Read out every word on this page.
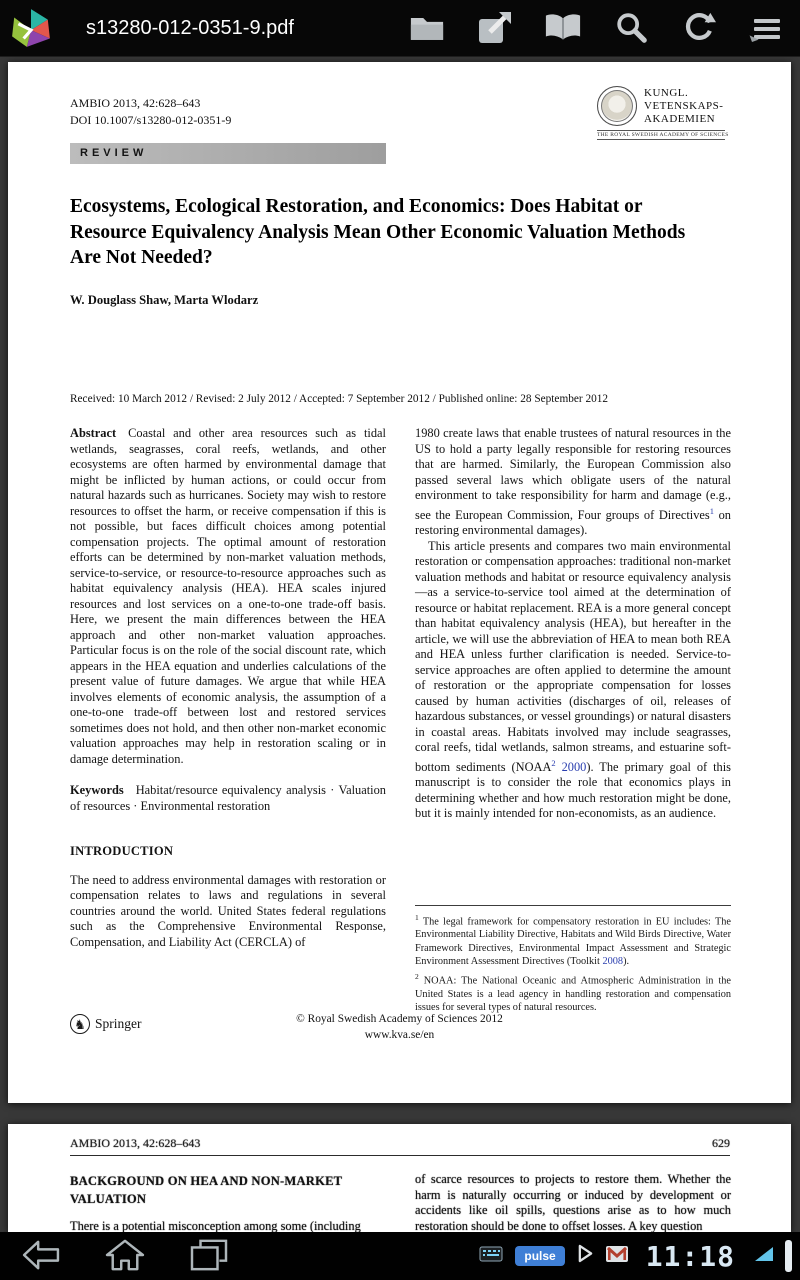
s13280-012-0351-9.pdf
AMBIO 2013, 42:628–643
DOI 10.1007/s13280-012-0351-9
KUNGL.
VETENSKAPS-
AKADEMIEN
THE ROYAL SWEDISH ACADEMY OF SCIENCES
REVIEW
Ecosystems, Ecological Restoration, and Economics: Does Habitat or Resource Equivalency Analysis Mean Other Economic Valuation Methods Are Not Needed?
W. Douglass Shaw, Marta Wlodarz
Received: 10 March 2012 / Revised: 2 July 2012 / Accepted: 7 September 2012 / Published online: 28 September 2012

Abstract Coastal and other area resources such as tidal wetlands, seagrasses, coral reefs, wetlands, and other ecosystems are often harmed by environmental damage that might be inflicted by human actions, or could occur from natural hazards such as hurricanes. Society may wish to restore resources to offset the harm, or receive compensation if this is not possible, but faces difficult choices among potential compensation projects. The optimal amount of restoration efforts can be determined by non-market valuation methods, service-to-service, or resource-to-resource approaches such as habitat equivalency analysis (HEA). HEA scales injured resources and lost services on a one-to-one trade-off basis. Here, we present the main differences between the HEA approach and other non-market valuation approaches. Particular focus is on the role of the social discount rate, which appears in the HEA equation and underlies calculations of the present value of future damages. We argue that while HEA involves elements of economic analysis, the assumption of a one-to-one trade-off between lost and restored services sometimes does not hold, and then other non-market economic valuation approaches may help in restoration scaling or in damage determination.

Keywords Habitat/resource equivalency analysis · Valuation of resources · Environmental restoration

INTRODUCTION

The need to address environmental damages with restoration or compensation relates to laws and regulations in several countries around the world. United States federal regulations such as the Comprehensive Environmental Response, Compensation, and Liability Act (CERCLA) of

1980 create laws that enable trustees of natural resources in the US to hold a party legally responsible for restoring resources that are harmed. Similarly, the European Commission also passed several laws which obligate users of the natural environment to take responsibility for harm and damage (e.g., see the European Commission, Four groups of Directives$^1$ on restoring environmental damages).

This article presents and compares two main environmental restoration or compensation approaches: traditional non-market valuation methods and habitat or resource equivalency analysis—as a service-to-service tool aimed at the determination of resource or habitat replacement. REA is a more general concept than habitat equivalency analysis (HEA), but hereafter in the article, we will use the abbreviation of HEA to mean both REA and HEA unless further clarification is needed. Service-to-service approaches are often applied to determine the amount of restoration or the appropriate compensation for losses caused by human activities (discharges of oil, releases of hazardous substances, or vessel groundings) or natural disasters in coastal areas. Habitats involved may include seagrasses, coral reefs, tidal wetlands, salmon streams, and estuarine soft-bottom sediments (NOAA$^2$ 2000). The primary goal of this manuscript is to consider the role that economics plays in determining whether and how much restoration might be done, but it is mainly intended for non-economists, as an audience.

$^1$ The legal framework for compensatory restoration in EU includes: The Environmental Liability Directive, Habitats and Wild Birds Directive, Water Framework Directives, Environmental Impact Assessment and Strategic Environment Assessment Directives (Toolkit 2008).

$^2$ NOAA: The National Oceanic and Atmospheric Administration in the United States is a lead agency in handling restoration and compensation issues for several types of natural resources.

© Royal Swedish Academy of Sciences 2012
www.kva.se/en
♞ Springer
AMBIO 2013, 42:628–643	629
BACKGROUND ON HEA AND NON-MARKET VALUATION

There is a potential misconception among some (including

of scarce resources to projects to restore them. Whether the harm is naturally occurring or induced by development or accidents like oil spills, questions arise as to how much restoration should be done to offset losses. A key question

pulse	11:18
